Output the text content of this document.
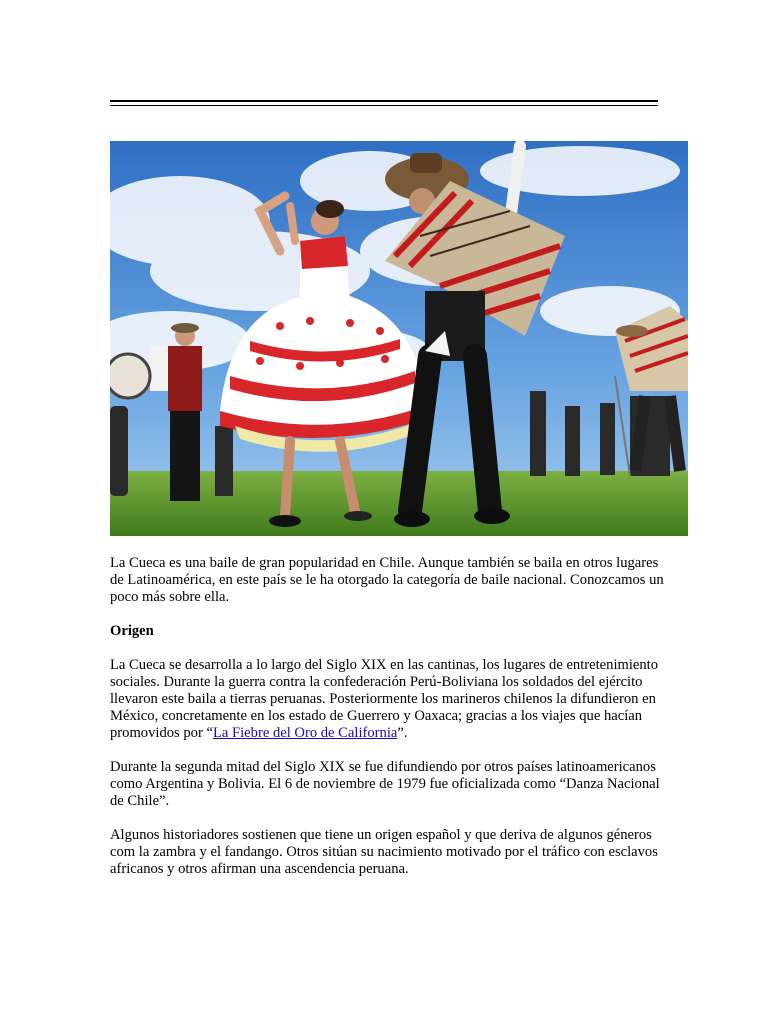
La Cueca es una baile de gran popularidad en Chile. Aunque también se baila en otros lugares de Latinoamérica, en este país se le ha otorgado la categoría de baile nacional. Conozcamos un poco más sobre ella.

Origen

La Cueca se desarrolla a lo largo del Siglo XIX en las cantinas, los lugares de entretenimiento sociales. Durante la guerra contra la confederación Perú-Boliviana los soldados del ejército llevaron este baila a tierras peruanas. Posteriormente los marineros chilenos la difundieron en México, concretamente en los estado de Guerrero y Oaxaca; gracias a los viajes que hacían promovidos por “La Fiebre del Oro de California”.

Durante la segunda mitad del Siglo XIX se fue difundiendo por otros países latinoamericanos como Argentina y Bolivia. El 6 de noviembre de 1979 fue oficializada como “Danza Nacional de Chile”.

Algunos historiadores sostienen que tiene un origen español y que deriva de algunos géneros com la zambra y el fandango. Otros sitúan su nacimiento motivado por el tráfico con esclavos africanos y otros afirman una ascendencia peruana.
